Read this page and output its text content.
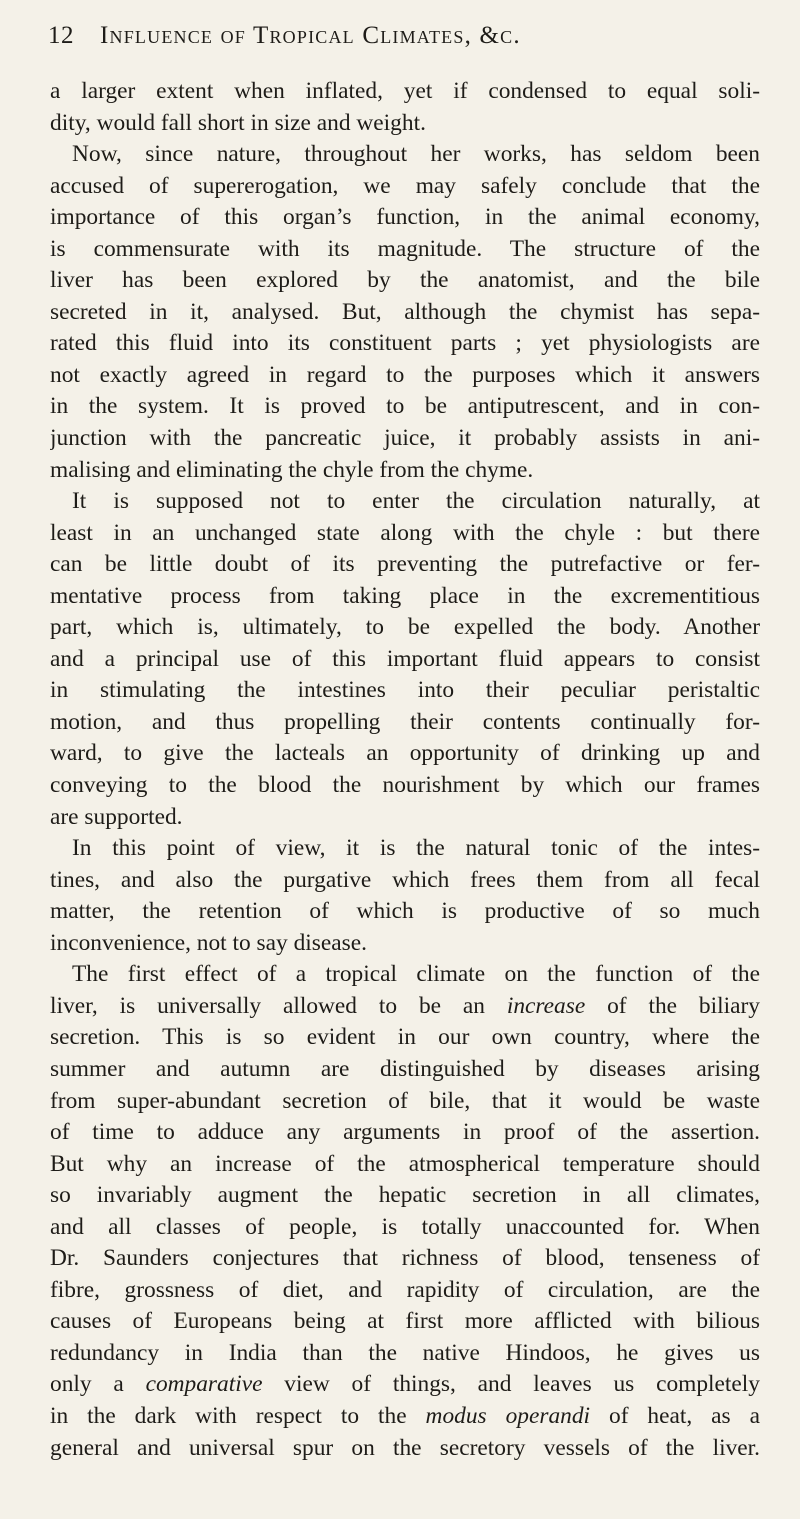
12	Influence of Tropical Climates, &c.
a larger extent when inflated, yet if condensed to equal soli-
dity, would fall short in size and weight.
Now, since nature, throughout her works, has seldom been
accused of supererogation, we may safely conclude that the
importance of this organ’s function, in the animal economy,
is commensurate with its magnitude. The structure of the
liver has been explored by the anatomist, and the bile
secreted in it, analysed. But, although the chymist has sepa-
rated this fluid into its constituent parts ; yet physiologists are
not exactly agreed in regard to the purposes which it answers
in the system. It is proved to be antiputrescent, and in con-
junction with the pancreatic juice, it probably assists in ani-
malising and eliminating the chyle from the chyme.
It is supposed not to enter the circulation naturally, at
least in an unchanged state along with the chyle : but there
can be little doubt of its preventing the putrefactive or fer-
mentative process from taking place in the excrementitious
part, which is, ultimately, to be expelled the body. Another
and a principal use of this important fluid appears to consist
in stimulating the intestines into their peculiar peristaltic
motion, and thus propelling their contents continually for-
ward, to give the lacteals an opportunity of drinking up and
conveying to the blood the nourishment by which our frames
are supported.
In this point of view, it is the natural tonic of the intes-
tines, and also the purgative which frees them from all fecal
matter, the retention of which is productive of so much
inconvenience, not to say disease.
The first effect of a tropical climate on the function of the
liver, is universally allowed to be an increase of the biliary
secretion. This is so evident in our own country, where the
summer and autumn are distinguished by diseases arising
from super-abundant secretion of bile, that it would be waste
of time to adduce any arguments in proof of the assertion.
But why an increase of the atmospherical temperature should
so invariably augment the hepatic secretion in all climates,
and all classes of people, is totally unaccounted for. When
Dr. Saunders conjectures that richness of blood, tenseness of
fibre, grossness of diet, and rapidity of circulation, are the
causes of Europeans being at first more afflicted with bilious
redundancy in India than the native Hindoos, he gives us
only a comparative view of things, and leaves us completely
in the dark with respect to the modus operandi of heat, as a
general and universal spur on the secretory vessels of the liver.
